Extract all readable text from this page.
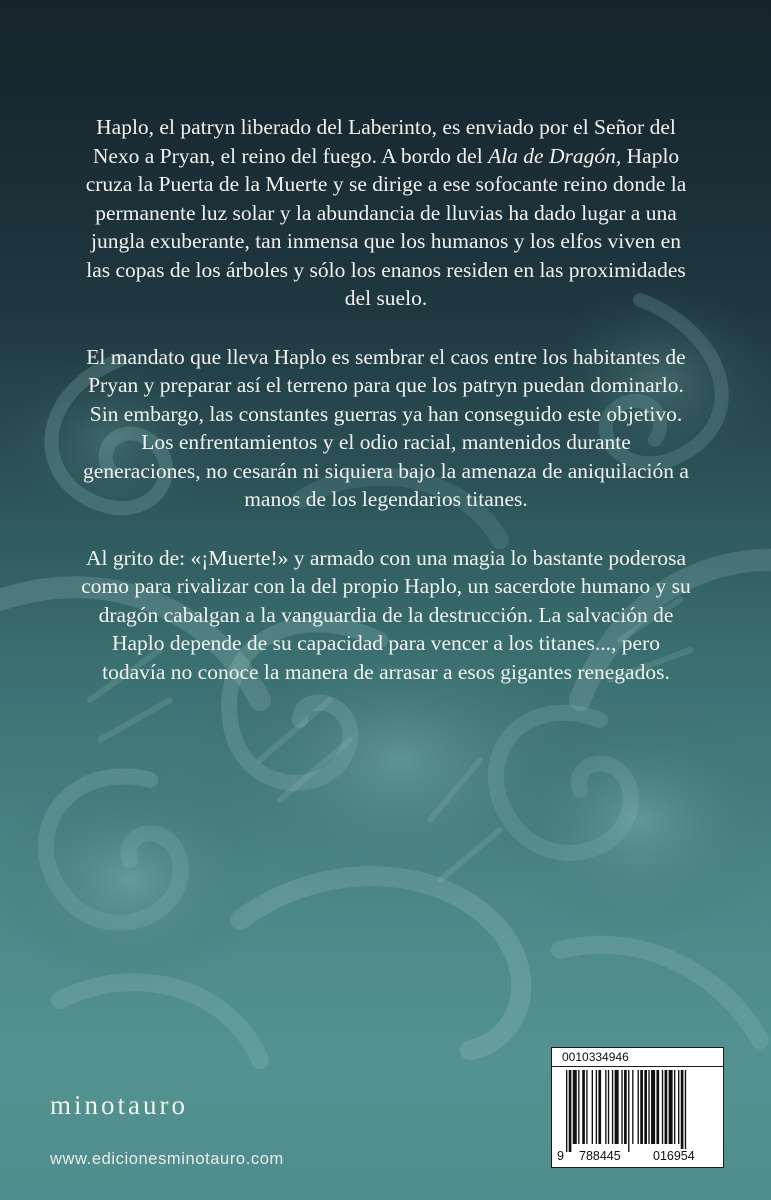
Haplo, el patryn liberado del Laberinto, es enviado por el Señor del Nexo a Pryan, el reino del fuego. A bordo del Ala de Dragón, Haplo cruza la Puerta de la Muerte y se dirige a ese sofocante reino donde la permanente luz solar y la abundancia de lluvias ha dado lugar a una jungla exuberante, tan inmensa que los humanos y los elfos viven en las copas de los árboles y sólo los enanos residen en las proximidades del suelo.

El mandato que lleva Haplo es sembrar el caos entre los habitantes de Pryan y preparar así el terreno para que los patryn puedan dominarlo. Sin embargo, las constantes guerras ya han conseguido este objetivo. Los enfrentamientos y el odio racial, mantenidos durante generaciones, no cesarán ni siquiera bajo la amenaza de aniquilación a manos de los legendarios titanes.

Al grito de: «¡Muerte!» y armado con una magia lo bastante poderosa como para rivalizar con la del propio Haplo, un sacerdote humano y su dragón cabalgan a la vanguardia de la destrucción. La salvación de Haplo depende de su capacidad para vencer a los titanes..., pero todavía no conoce la manera de arrasar a esos gigantes renegados.

minotauro
www.edicionesminotauro.com
0010334946
9 788445	016954
